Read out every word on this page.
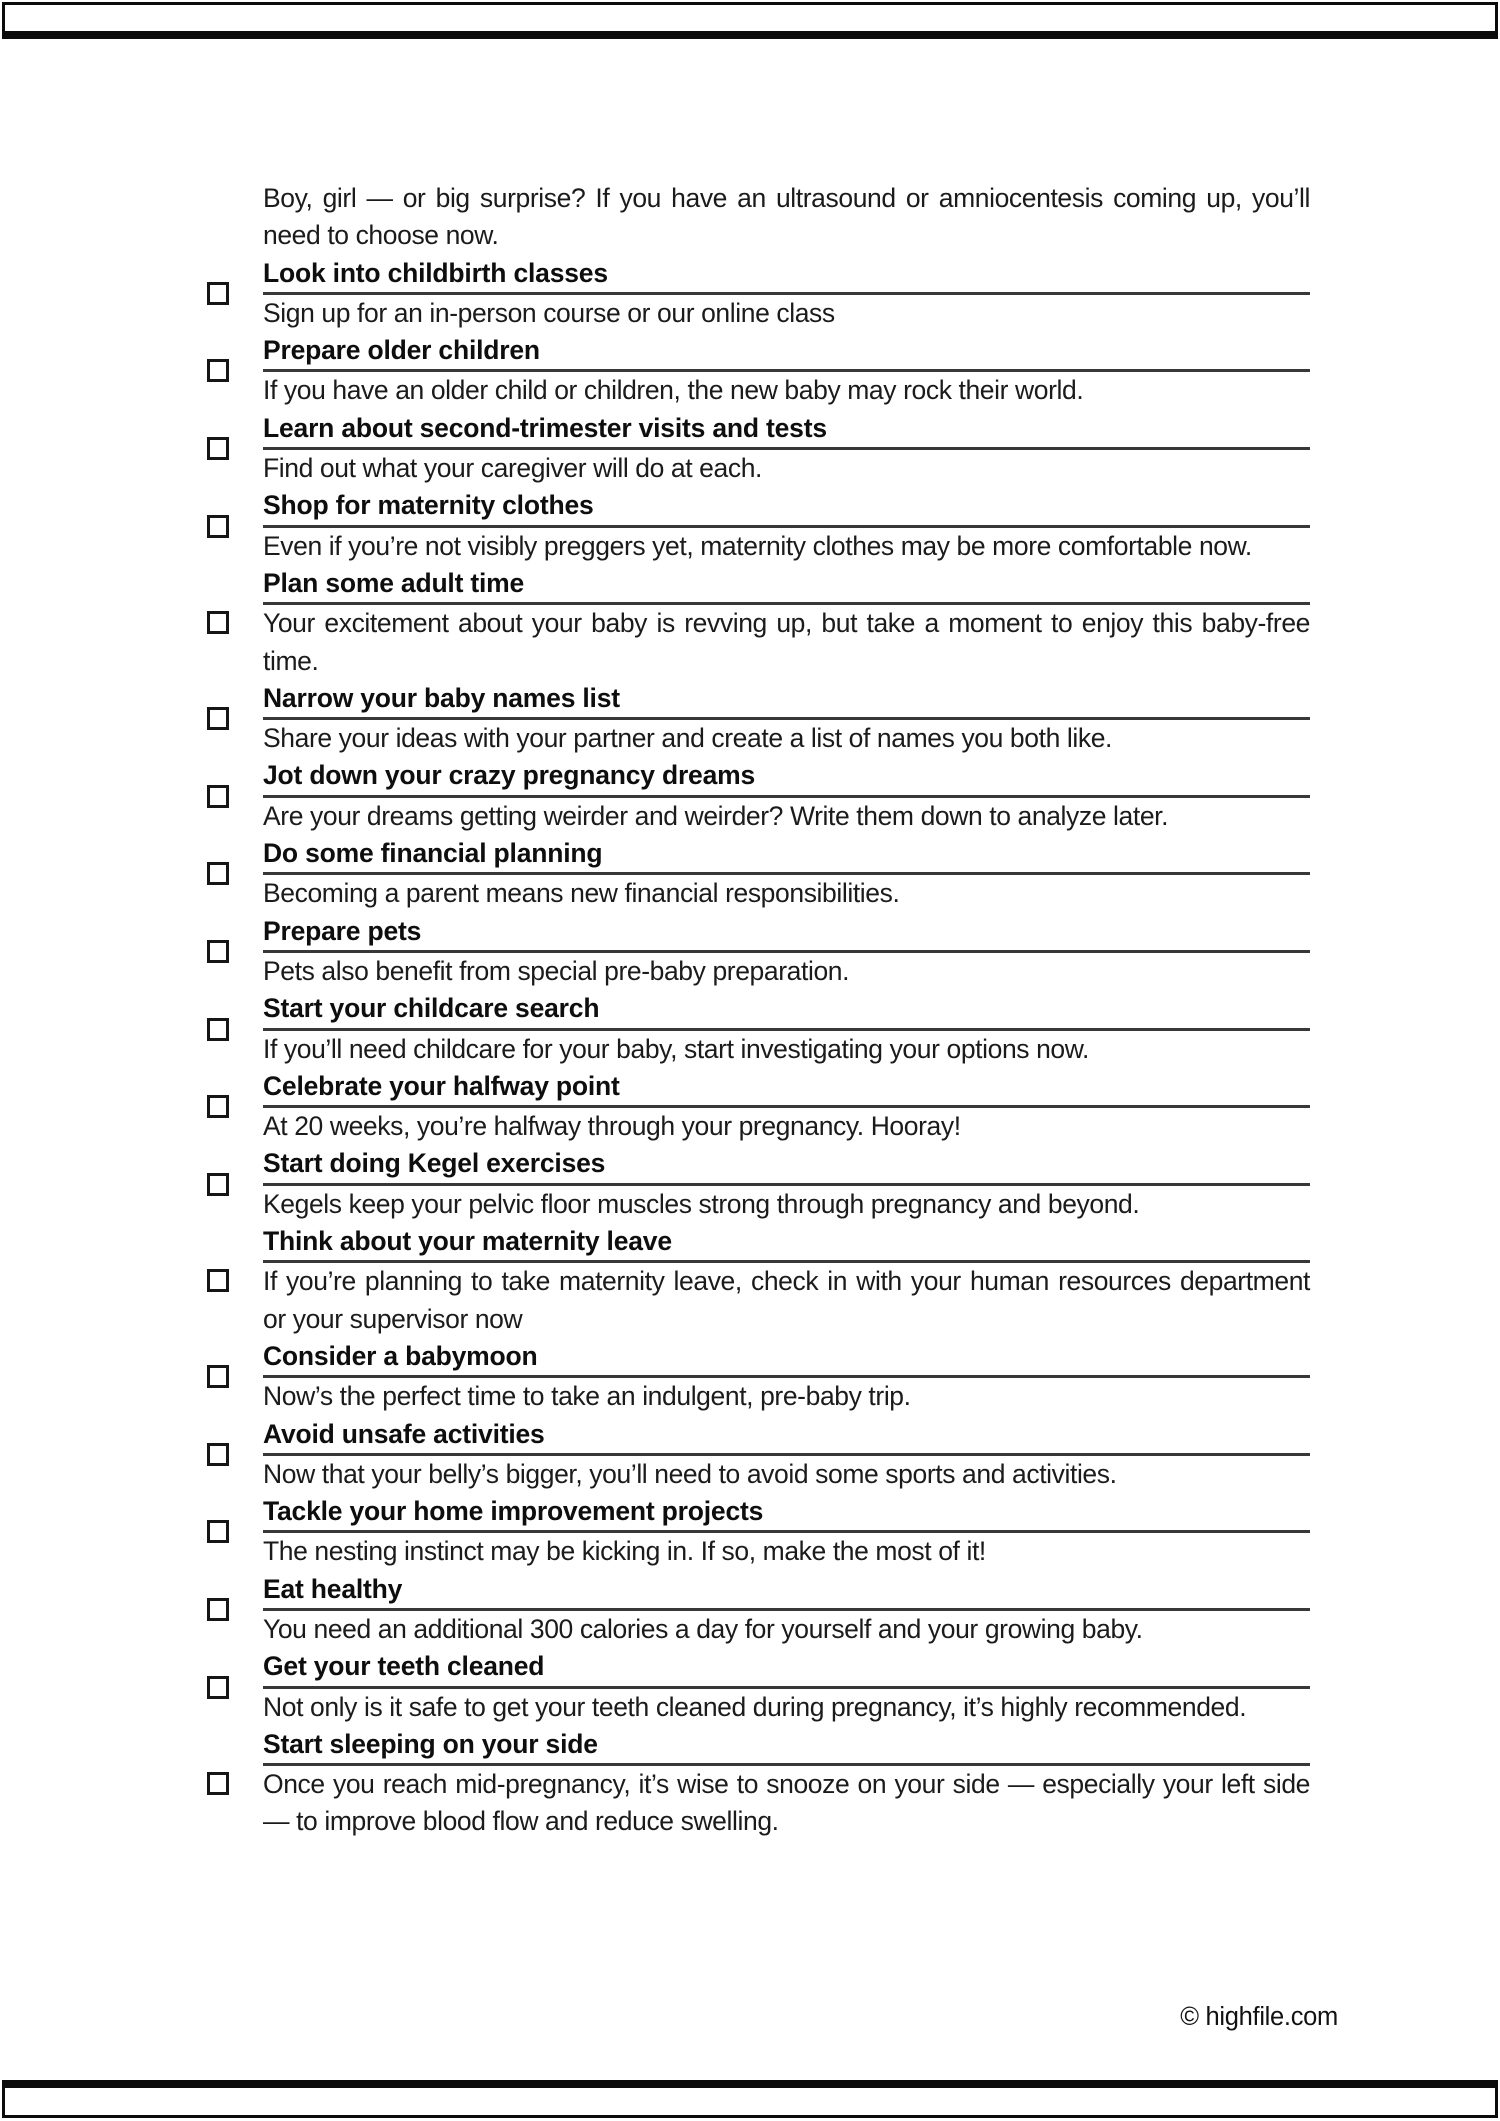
Boy, girl — or big surprise? If you have an ultrasound or amniocentesis coming up, you’ll need to choose now.

Look into childbirth classes

Sign up for an in-person course or our online class

Prepare older children

If you have an older child or children, the new baby may rock their world.

Learn about second-trimester visits and tests

Find out what your caregiver will do at each.

Shop for maternity clothes

Even if you’re not visibly preggers yet, maternity clothes may be more comfortable now.

Plan some adult time

Your excitement about your baby is revving up, but take a moment to enjoy this baby-free time.

Narrow your baby names list

Share your ideas with your partner and create a list of names you both like.

Jot down your crazy pregnancy dreams

Are your dreams getting weirder and weirder? Write them down to analyze later.

Do some financial planning

Becoming a parent means new financial responsibilities.

Prepare pets

Pets also benefit from special pre-baby preparation.

Start your childcare search

If you’ll need childcare for your baby, start investigating your options now.

Celebrate your halfway point

At 20 weeks, you’re halfway through your pregnancy. Hooray!

Start doing Kegel exercises

Kegels keep your pelvic floor muscles strong through pregnancy and beyond.

Think about your maternity leave

If you’re planning to take maternity leave, check in with your human resources department or your supervisor now

Consider a babymoon

Now’s the perfect time to take an indulgent, pre-baby trip.

Avoid unsafe activities

Now that your belly’s bigger, you’ll need to avoid some sports and activities.

Tackle your home improvement projects

The nesting instinct may be kicking in. If so, make the most of it!

Eat healthy

You need an additional 300 calories a day for yourself and your growing baby.

Get your teeth cleaned

Not only is it safe to get your teeth cleaned during pregnancy, it’s highly recommended.

Start sleeping on your side

Once you reach mid-pregnancy, it’s wise to snooze on your side — especially your left side — to improve blood flow and reduce swelling.

© highfile.com
